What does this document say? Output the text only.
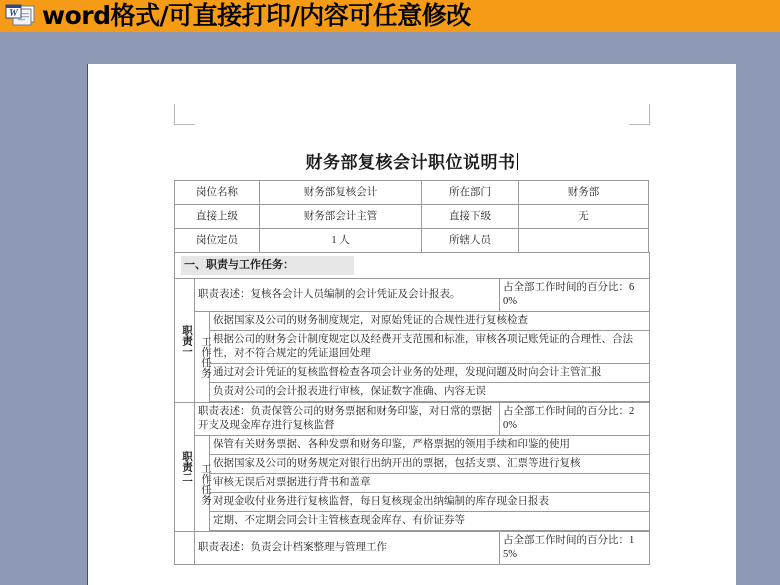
W word格式/可直接打印/内容可任意修改
财务部复核会计职位说明书
岗位名称	财务部复核会计	所在部门	财务部
直接上级	财务部会计主管	直接下级	无
岗位定员	1 人	所辖人员	
一、职责与工作任务：			

职责一	职责表述：复核各会计人员编制的会计凭证及会计报表。		占全部工作时间的百分比：60%

	工作任务	依据国家及公司的财务制度规定，对原始凭证的合规性进行复核检查	
		根据公司的财务会计制度规定以及经费开支范围和标准，审核各项记账凭证的合理性、合法性，对不符合规定的凭证退回处理	
		通过对会计凭证的复核监督检查各项会计业务的处理，发现问题及时向会计主管汇报	
		负责对公司的会计报表进行审核，保证数字准确、内容无误	

职责二	职责表述：负责保管公司的财务票据和财务印鉴，对日常的票据开支及现金库存进行复核监督		占全部工作时间的百分比：20%

	工作任务	保管有关财务票据、各种发票和财务印鉴，严格票据的领用手续和印鉴的使用	
		依据国家及公司的财务规定对银行出纳开出的票据，包括支票、汇票等进行复核	
		审核无误后对票据进行背书和盖章	
		对现金收付业务进行复核监督，每日复核现金出纳编制的库存现金日报表	
		定期、不定期会同会计主管核查现金库存、有价证券等	

	职责表述：负责会计档案整理与管理工作		占全部工作时间的百分比：15%
